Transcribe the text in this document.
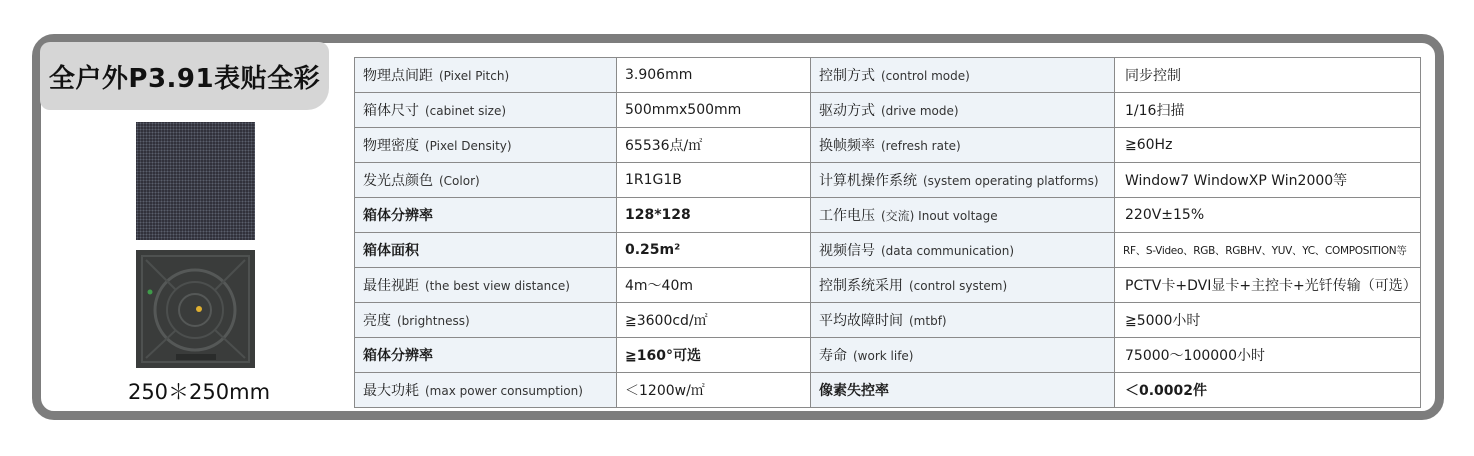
全户外P3.91表贴全彩
250＊250mm
物理点间距 (Pixel Pitch)	3.906mm	控制方式 (control mode)	同步控制
箱体尺寸 (cabinet size)	500mmx500mm	驱动方式 (drive mode)	1/16扫描
物理密度 (Pixel Density)	65536点/㎡	换帧频率 (refresh rate)	≧60Hz
发光点颜色 (Color)	1R1G1B	计算机操作系统 (system operating platforms)	Window7 WindowXP Win2000等
箱体分辨率	128*128	工作电压 (交流) Inout voltage	220V±15%
箱体面积	0.25m²	视频信号 (data communication)	RF、S-Video、RGB、RGBHV、YUV、YC、COMPOSITION等
最佳视距 (the best view distance)	4m～40m	控制系统采用 (control system)	PCTV卡+DVI显卡+主控卡+光钎传输（可选）
亮度 (brightness)	≧3600cd/㎡	平均故障时间 (mtbf)	≧5000小时
箱体分辨率	≧160°可选	寿命 (work life)	75000～100000小时
最大功耗 (max power consumption)	＜1200w/㎡	像素失控率	＜0.0002件
